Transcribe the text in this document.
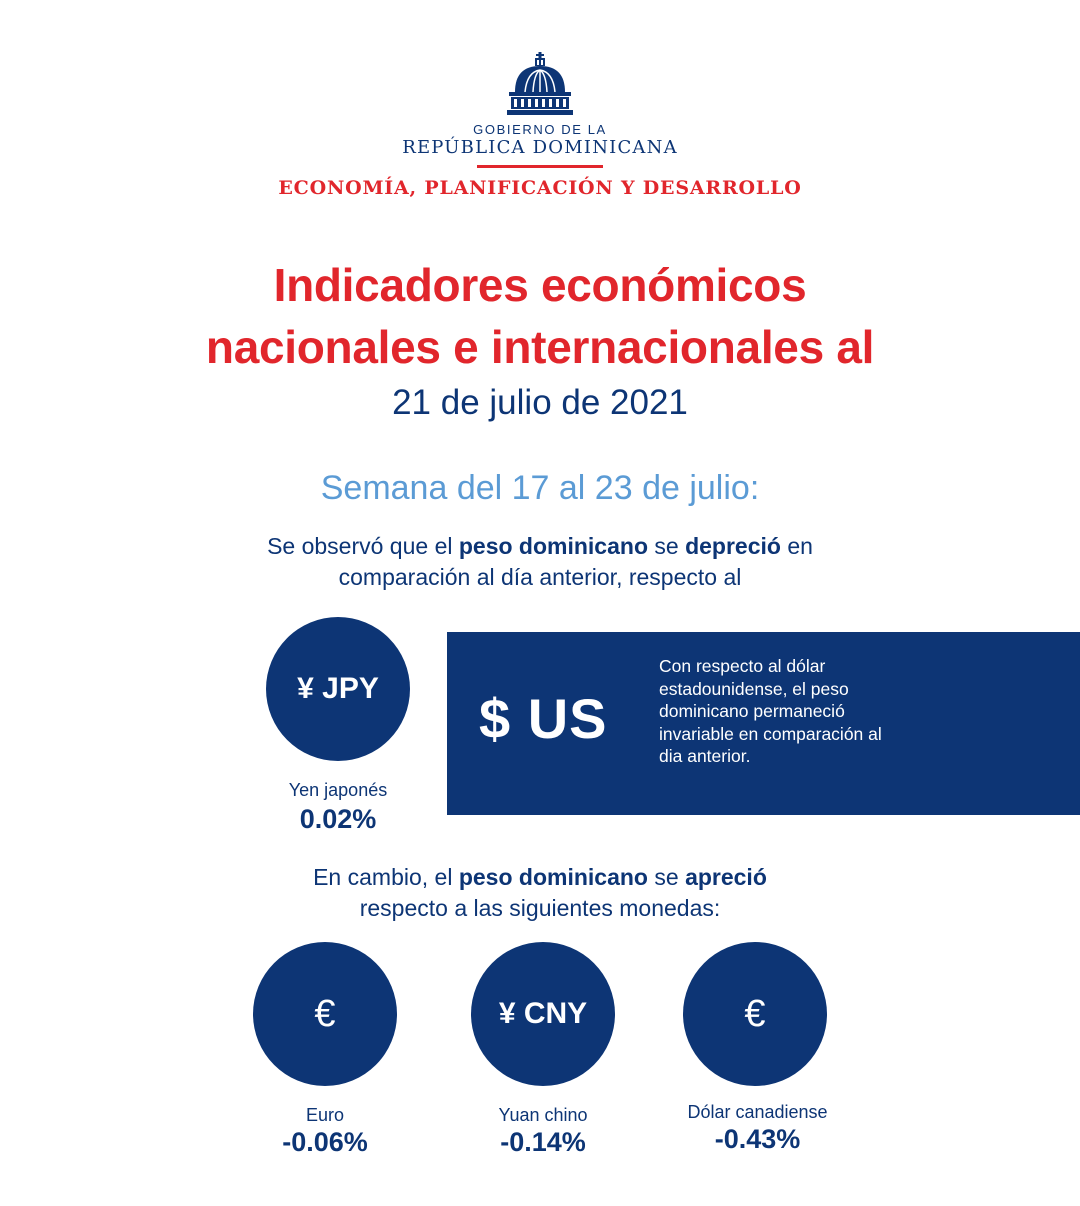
GOBIERNO DE LA
REPÚBLICA DOMINICANA
ECONOMÍA, PLANIFICACIÓN Y DESARROLLO
Indicadores económicos
nacionales e internacionales al
21 de julio de 2021
Semana del 17 al 23 de julio:
Se observó que el peso dominicano se depreció en
comparación al día anterior, respecto al
¥ JPY
Yen japonés
0.02%
$ US
Con respecto al dólar estadounidense, el peso dominicano permaneció invariable en comparación al dia anterior.
En cambio, el peso dominicano se apreció
respecto a las siguientes monedas:
€
Euro
-0.06%
¥ CNY
Yuan chino
-0.14%
€
Dólar canadiense
-0.43%
